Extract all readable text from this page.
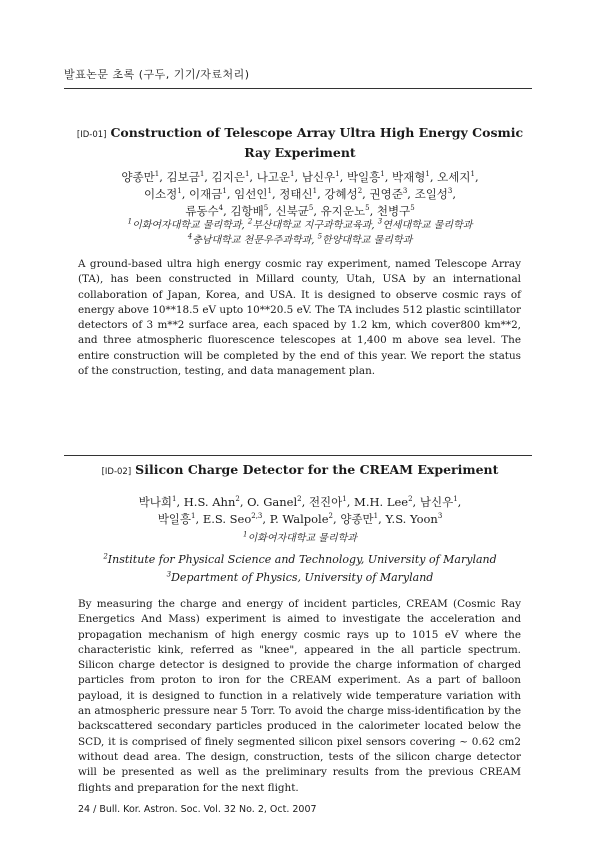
발표논문 초록 (구두, 기기/자료처리)
[ID-01] Construction of Telescope Array Ultra High Energy Cosmic Ray Experiment
양종만$^1$, 김보금$^1$, 김지은$^1$, 나고운$^1$, 남신우$^1$, 박일흥$^1$, 박재형$^1$, 오세지$^1$,
이소정$^1$, 이재금$^1$, 임선인$^1$, 정태신$^1$, 강혜성$^2$, 권영준$^3$, 조일성$^3$,
류동수$^4$, 김항배$^5$, 신북균$^5$, 유지운노$^5$, 천병구$^5$
$^1$이화여자대학교 물리학과, $^2$부산대학교 지구과학교육과, $^3$연세대학교 물리학과
$^4$충남대학교 천문우주과학과, $^5$한양대학교 물리학과
A ground-based ultra high energy cosmic ray experiment, named Telescope Array (TA), has been constructed in Millard county, Utah, USA by an international collaboration of Japan, Korea, and USA. It is designed to observe cosmic rays of energy above 10**18.5 eV upto 10**20.5 eV. The TA includes 512 plastic scintillator detectors of 3 m**2 surface area, each spaced by 1.2 km, which cover800 km**2, and three atmospheric fluorescence telescopes at 1,400 m above sea level. The entire construction will be completed by the end of this year. We report the status of the construction, testing, and data management plan.
[ID-02] Silicon Charge Detector for the CREAM Experiment
박나희$^1$, H.S. Ahn$^2$, O. Ganel$^2$, 전진아$^1$, M.H. Lee$^2$, 남신우$^1$,
박일흥$^1$, E.S. Seo$^{2,3}$, P. Walpole$^2$, 양종만$^1$, Y.S. Yoon$^3$
$^1$이화여자대학교 물리학과
$^2$Institute for Physical Science and Technology, University of Maryland
$^3$Department of Physics, University of Maryland
By measuring the charge and energy of incident particles, CREAM (Cosmic Ray Energetics And Mass) experiment is aimed to investigate the acceleration and propagation mechanism of high energy cosmic rays up to 1015 eV where the characteristic kink, referred as "knee", appeared in the all particle spectrum. Silicon charge detector is designed to provide the charge information of charged particles from proton to iron for the CREAM experiment. As a part of balloon payload, it is designed to function in a relatively wide temperature variation with an atmospheric pressure near 5 Torr. To avoid the charge miss-identification by the backscattered secondary particles produced in the calorimeter located below the SCD, it is comprised of finely segmented silicon pixel sensors covering ~ 0.62 cm2 without dead area. The design, construction, tests of the silicon charge detector will be presented as well as the preliminary results from the previous CREAM flights and preparation for the next flight.
24 / Bull. Kor. Astron. Soc. Vol. 32 No. 2, Oct. 2007
